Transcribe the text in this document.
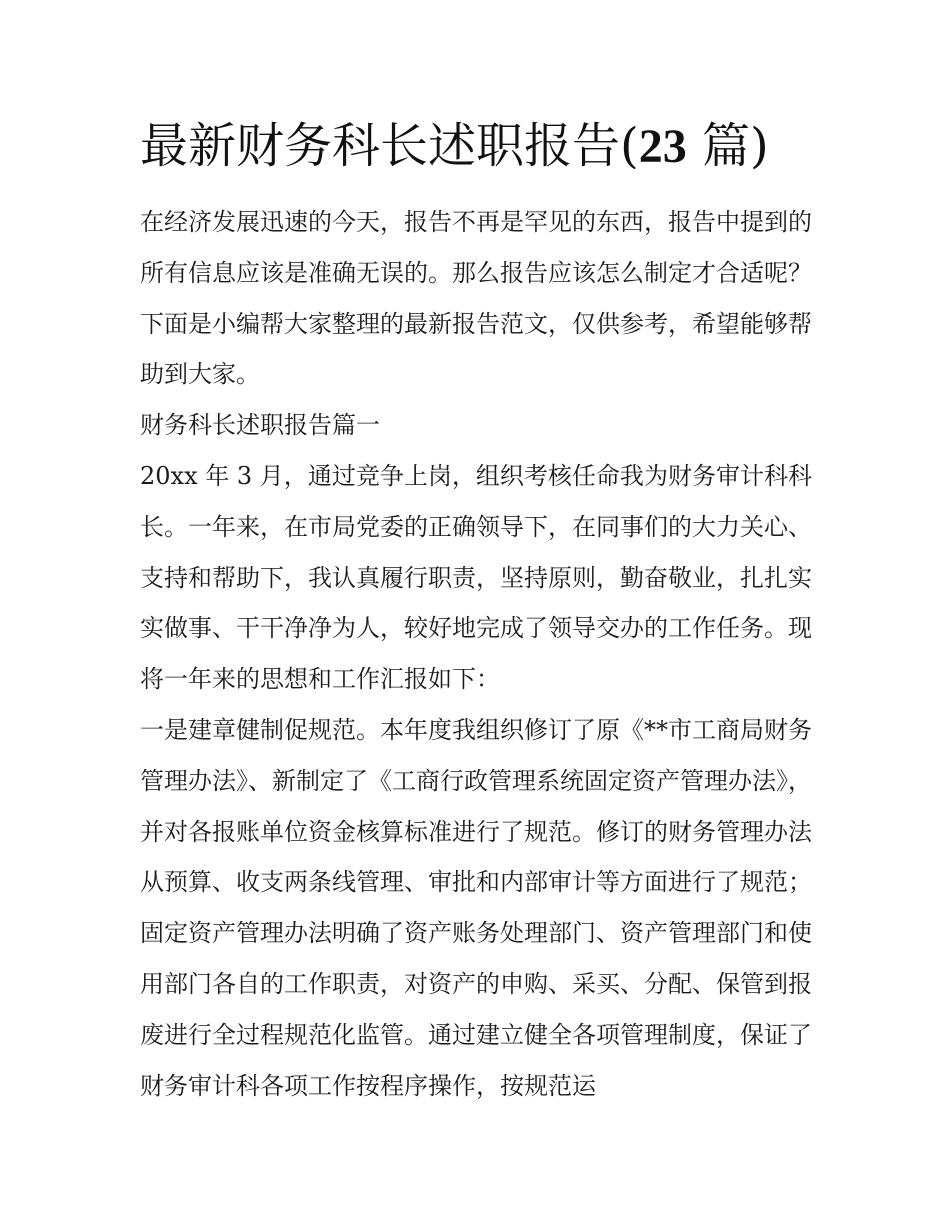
最新财务科长述职报告(23 篇)

在经济发展迅速的今天，报告不再是罕见的东西，报告中提到的所有信息应该是准确无误的。那么报告应该怎么制定才合适呢？下面是小编帮大家整理的最新报告范文，仅供参考，希望能够帮助到大家。

财务科长述职报告篇一

20xx 年 3 月，通过竞争上岗，组织考核任命我为财务审计科科长。一年来，在市局党委的正确领导下，在同事们的大力关心、支持和帮助下，我认真履行职责，坚持原则，勤奋敬业，扎扎实实做事、干干净净为人，较好地完成了领导交办的工作任务。现将一年来的思想和工作汇报如下：

一是建章健制促规范。本年度我组织修订了原《**市工商局财务管理办法》、新制定了《工商行政管理系统固定资产管理办法》，并对各报账单位资金核算标准进行了规范。修订的财务管理办法从预算、收支两条线管理、审批和内部审计等方面进行了规范；固定资产管理办法明确了资产账务处理部门、资产管理部门和使用部门各自的工作职责，对资产的申购、采买、分配、保管到报废进行全过程规范化监管。通过建立健全各项管理制度，保证了财务审计科各项工作按程序操作，按规范运
